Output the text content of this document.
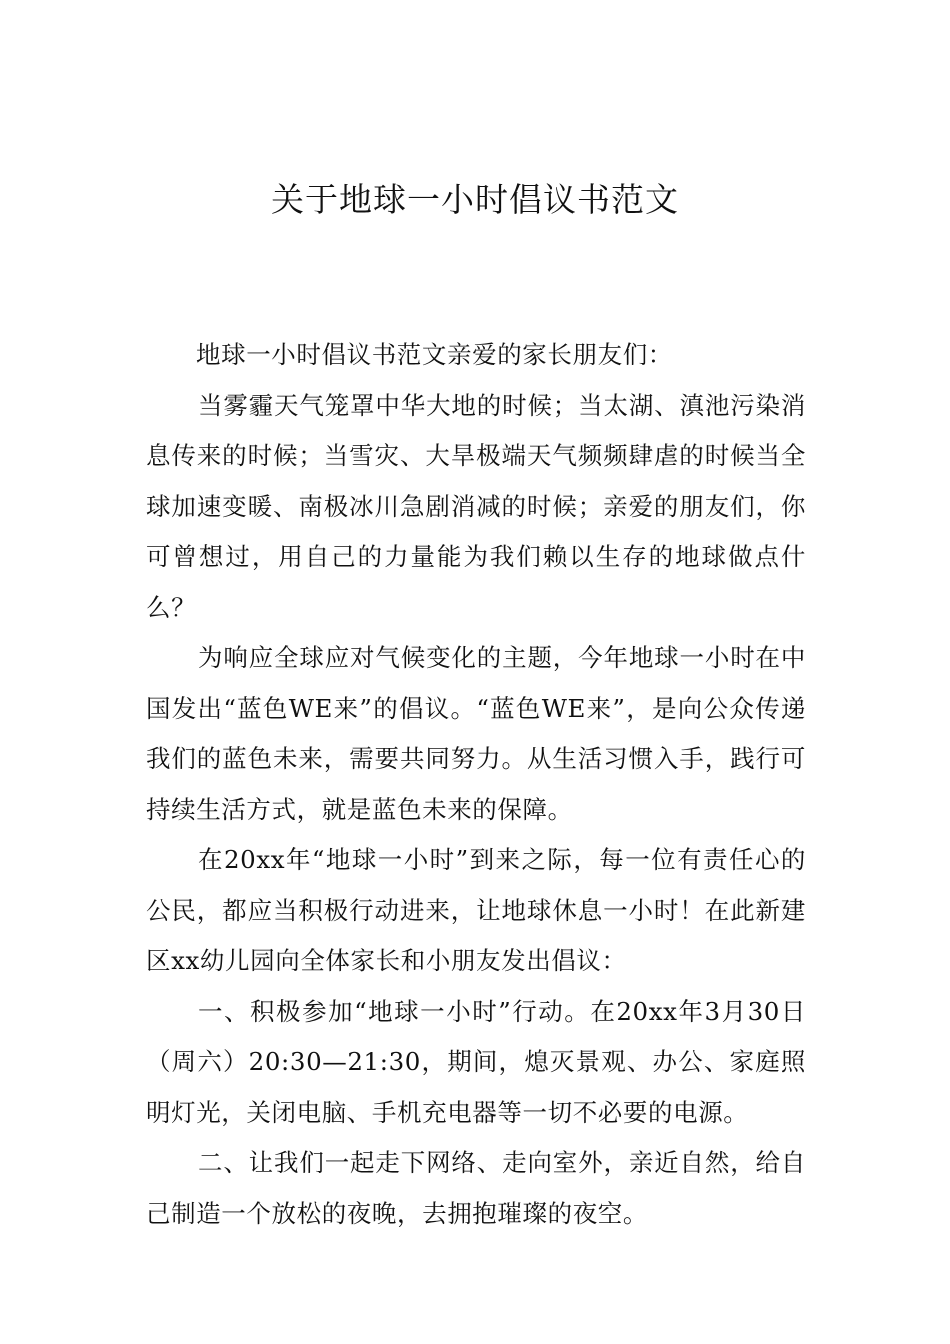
关于地球一小时倡议书范文

地球一小时倡议书范文亲爱的家长朋友们：

当雾霾天气笼罩中华大地的时候；当太湖、滇池污染消息传来的时候；当雪灾、大旱极端天气频频肆虐的时候当全球加速变暖、南极冰川急剧消减的时候；亲爱的朋友们，你可曾想过，用自己的力量能为我们赖以生存的地球做点什么？

为响应全球应对气候变化的主题，今年地球一小时在中国发出“蓝色WE来”的倡议。“蓝色WE来”，是向公众传递我们的蓝色未来，需要共同努力。从生活习惯入手，践行可持续生活方式，就是蓝色未来的保障。

在20xx年“地球一小时”到来之际，每一位有责任心的公民，都应当积极行动进来，让地球休息一小时！在此新建区xx幼儿园向全体家长和小朋友发出倡议：

一、积极参加“地球一小时”行动。在20xx年3月30日（周六）20:30—21:30，期间，熄灭景观、办公、家庭照明灯光，关闭电脑、手机充电器等一切不必要的电源。

二、让我们一起走下网络、走向室外，亲近自然，给自己制造一个放松的夜晚，去拥抱璀璨的夜空。
